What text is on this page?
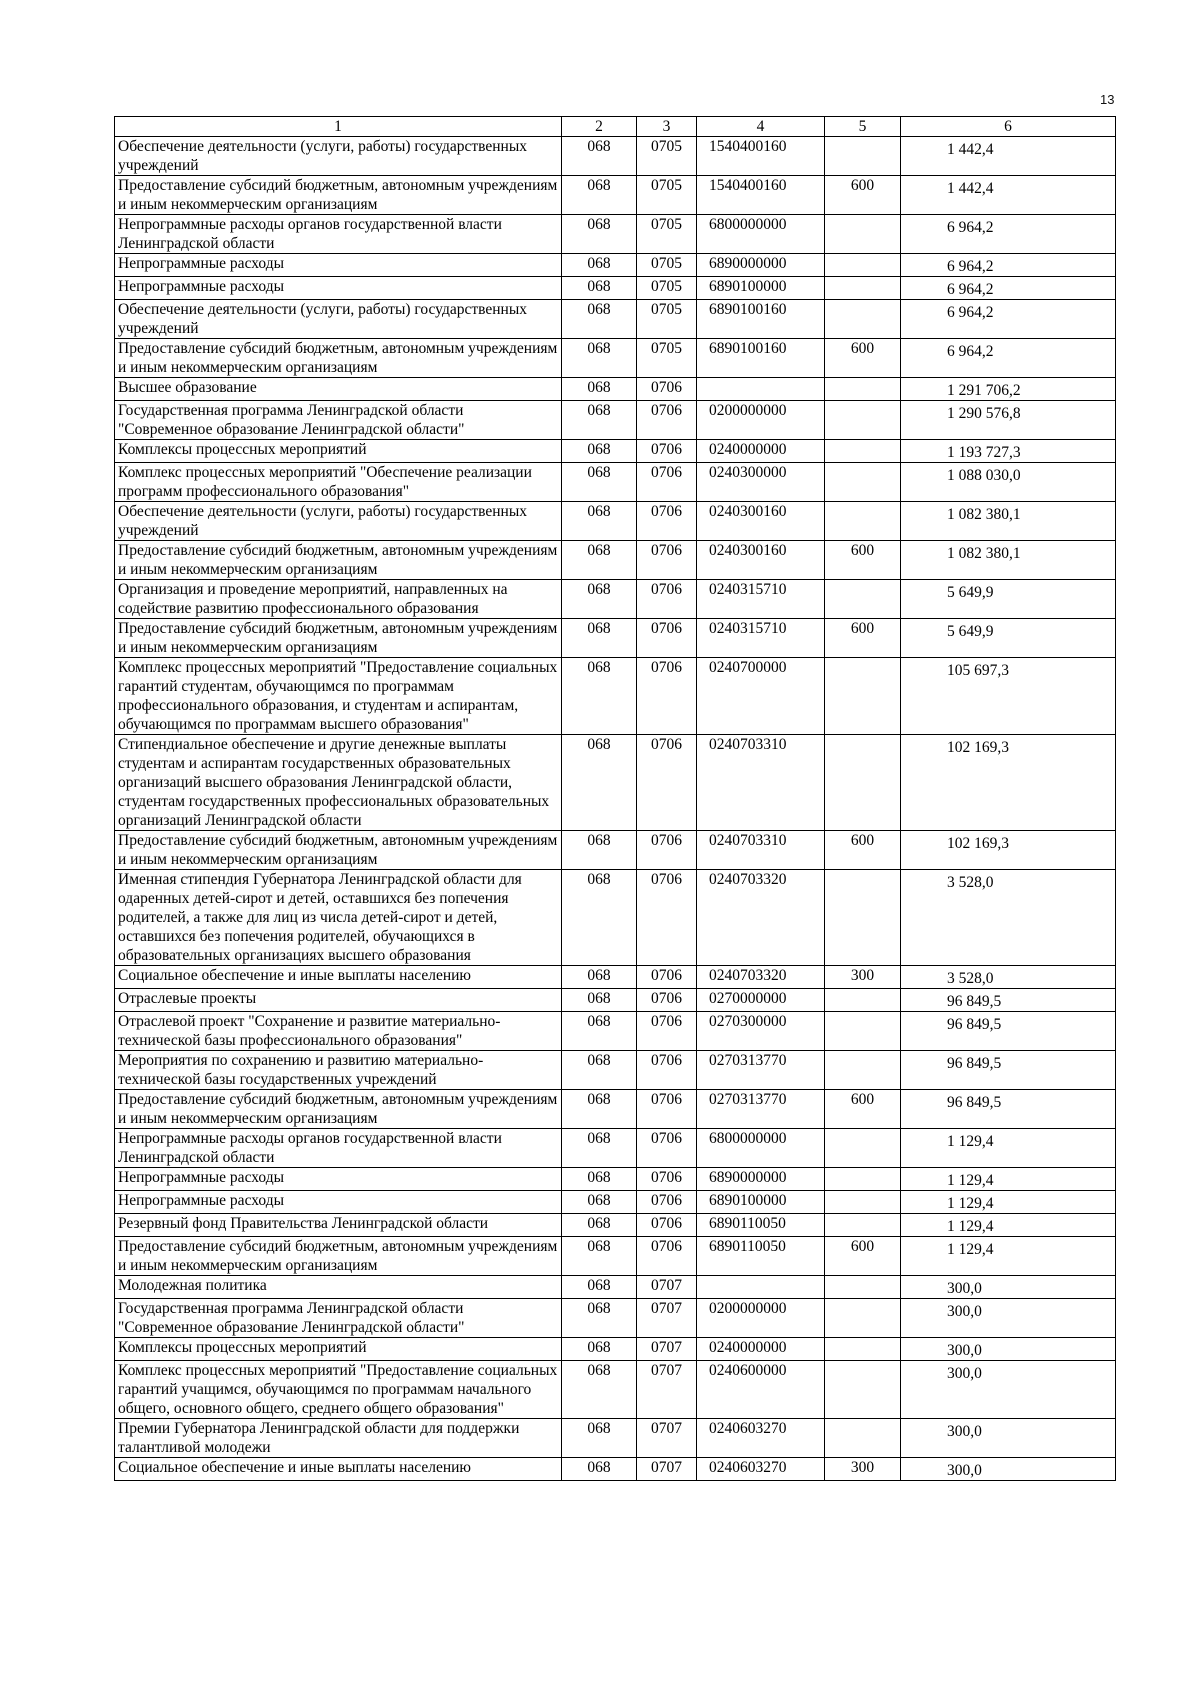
13
1	2	3	4	5	6
Обеспечение деятельности (услуги, работы) государственных учреждений	068	0705	1540400160		1 442,4
Предоставление субсидий бюджетным, автономным учреждениям и иным некоммерческим организациям	068	0705	1540400160	600	1 442,4
Непрограммные расходы органов государственной власти Ленинградской области	068	0705	6800000000		6 964,2
Непрограммные расходы	068	0705	6890000000		6 964,2
Непрограммные расходы	068	0705	6890100000		6 964,2
Обеспечение деятельности (услуги, работы) государственных учреждений	068	0705	6890100160		6 964,2
Предоставление субсидий бюджетным, автономным учреждениям и иным некоммерческим организациям	068	0705	6890100160	600	6 964,2
Высшее образование	068	0706			1 291 706,2
Государственная программа Ленинградской области "Современное образование Ленинградской области"	068	0706	0200000000		1 290 576,8
Комплексы процессных мероприятий	068	0706	0240000000		1 193 727,3
Комплекс процессных мероприятий "Обеспечение реализации программ профессионального образования"	068	0706	0240300000		1 088 030,0
Обеспечение деятельности (услуги, работы) государственных учреждений	068	0706	0240300160		1 082 380,1
Предоставление субсидий бюджетным, автономным учреждениям и иным некоммерческим организациям	068	0706	0240300160	600	1 082 380,1
Организация и проведение мероприятий, направленных на содействие развитию профессионального образования	068	0706	0240315710		5 649,9
Предоставление субсидий бюджетным, автономным учреждениям и иным некоммерческим организациям	068	0706	0240315710	600	5 649,9
Комплекс процессных мероприятий "Предоставление социальных гарантий студентам, обучающимся по программам профессионального образования, и студентам и аспирантам, обучающимся по программам высшего образования"	068	0706	0240700000		105 697,3
Стипендиальное обеспечение и другие денежные выплаты студентам и аспирантам государственных образовательных организаций высшего образования Ленинградской области, студентам государственных профессиональных образовательных организаций Ленинградской области	068	0706	0240703310		102 169,3
Предоставление субсидий бюджетным, автономным учреждениям и иным некоммерческим организациям	068	0706	0240703310	600	102 169,3
Именная стипендия Губернатора Ленинградской области для одаренных детей-сирот и детей, оставшихся без попечения родителей, а также для лиц из числа детей-сирот и детей, оставшихся без попечения родителей, обучающихся в образовательных организациях высшего образования	068	0706	0240703320		3 528,0
Социальное обеспечение и иные выплаты населению	068	0706	0240703320	300	3 528,0
Отраслевые проекты	068	0706	0270000000		96 849,5
Отраслевой проект "Сохранение и развитие материально-технической базы профессионального образования"	068	0706	0270300000		96 849,5
Мероприятия по сохранению и развитию материально-технической базы государственных учреждений	068	0706	0270313770		96 849,5
Предоставление субсидий бюджетным, автономным учреждениям и иным некоммерческим организациям	068	0706	0270313770	600	96 849,5
Непрограммные расходы органов государственной власти Ленинградской области	068	0706	6800000000		1 129,4
Непрограммные расходы	068	0706	6890000000		1 129,4
Непрограммные расходы	068	0706	6890100000		1 129,4
Резервный фонд Правительства Ленинградской области	068	0706	6890110050		1 129,4
Предоставление субсидий бюджетным, автономным учреждениям и иным некоммерческим организациям	068	0706	6890110050	600	1 129,4
Молодежная политика	068	0707			300,0
Государственная программа Ленинградской области "Современное образование Ленинградской области"	068	0707	0200000000		300,0
Комплексы процессных мероприятий	068	0707	0240000000		300,0
Комплекс процессных мероприятий "Предоставление социальных гарантий учащимся, обучающимся по программам начального общего, основного общего, среднего общего образования"	068	0707	0240600000		300,0
Премии Губернатора Ленинградской области для поддержки талантливой молодежи	068	0707	0240603270		300,0
Социальное обеспечение и иные выплаты населению	068	0707	0240603270	300	300,0
